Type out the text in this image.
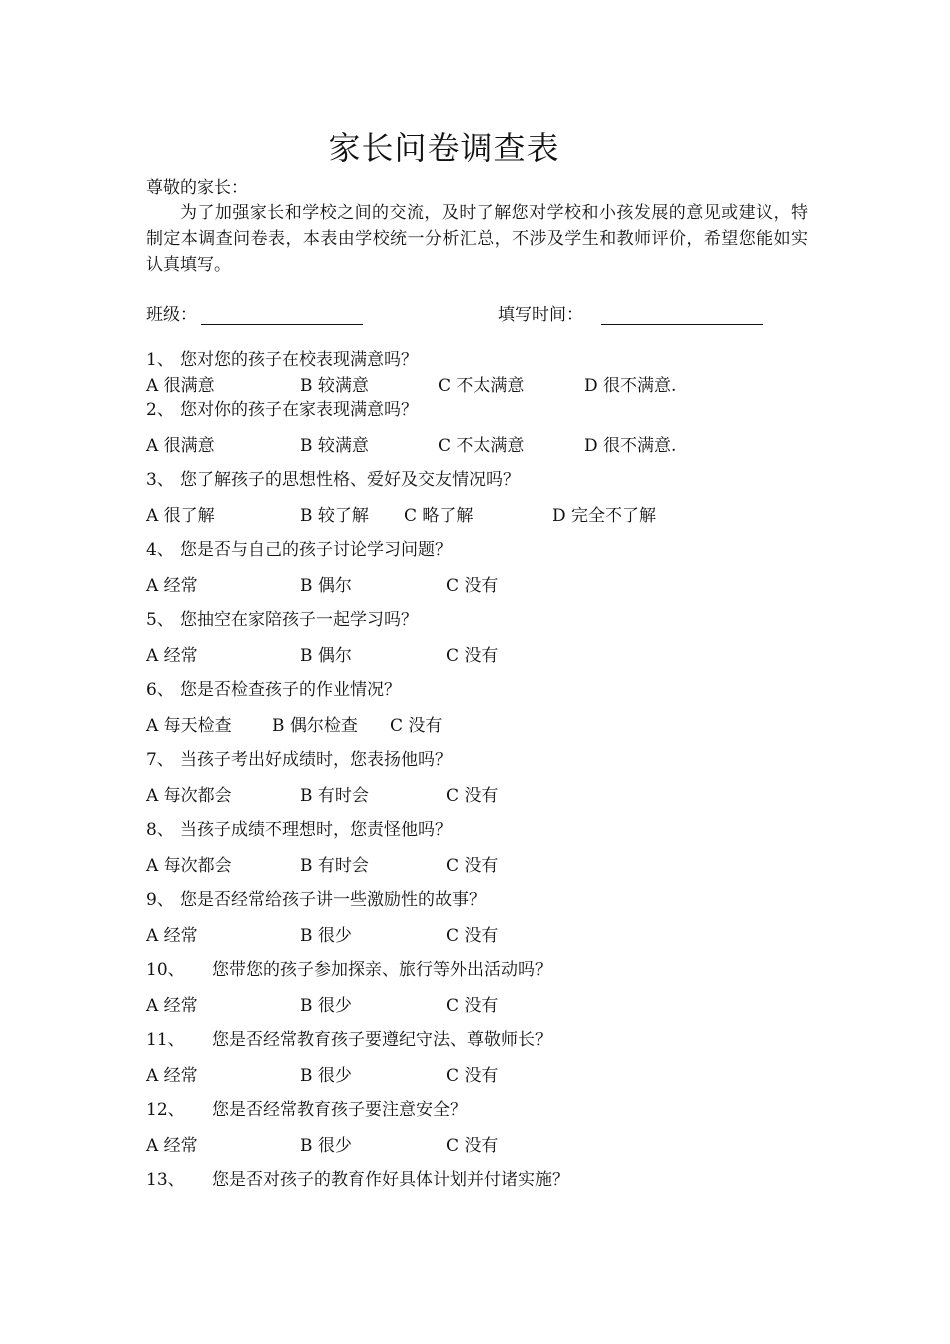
家长问卷调查表
尊敬的家长：

为了加强家长和学校之间的交流，及时了解您对学校和小孩发展的意见或建议，特制定本调查问卷表，本表由学校统一分析汇总，不涉及学生和教师评价，希望您能如实认真填写。

班级：	填写时间：
1、 您对您的孩子在校表现满意吗？
A 很满意	B 较满意	C 不太满意	D 很不满意.
2、 您对你的孩子在家表现满意吗？
A 很满意	B 较满意	C 不太满意	D 很不满意.
3、 您了解孩子的思想性格、爱好及交友情况吗？
A 很了解	B 较了解 C 略了解	D 完全不了解
4、 您是否与自己的孩子讨论学习问题？
A 经常	B 偶尔	C 没有
5、 您抽空在家陪孩子一起学习吗？
A 经常	B 偶尔	C 没有
6、 您是否检查孩子的作业情况？
A 每天检查 B 偶尔检查 C 没有
7、 当孩子考出好成绩时，您表扬他吗？
A 每次都会	B 有时会	C 没有
8、 当孩子成绩不理想时，您责怪他吗？
A 每次都会	B 有时会	C 没有
9、 您是否经常给孩子讲一些激励性的故事？
A 经常	B 很少	C 没有
10、 您带您的孩子参加探亲、旅行等外出活动吗？
A 经常	B 很少	C 没有
11、 您是否经常教育孩子要遵纪守法、尊敬师长？
A 经常	B 很少	C 没有
12、 您是否经常教育孩子要注意安全？
A 经常	B 很少	C 没有
13、 您是否对孩子的教育作好具体计划并付诸实施？
